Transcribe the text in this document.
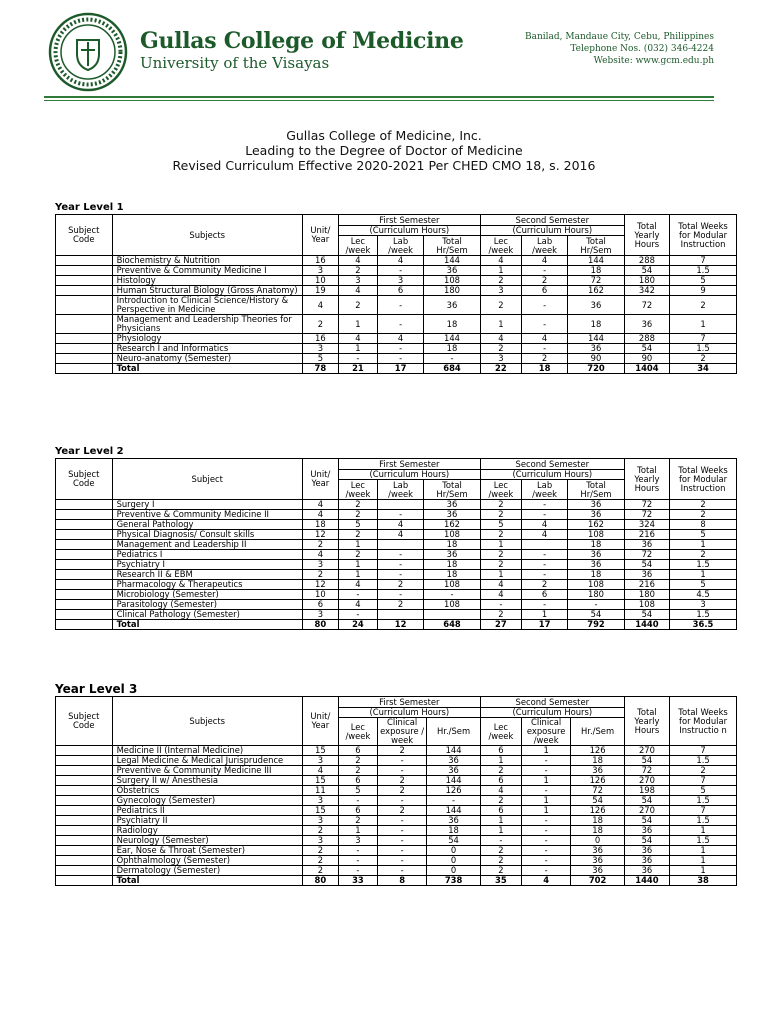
Gullas College of Medicine
University of the Visayas
Banilad, Mandaue City, Cebu, Philippines
Telephone Nos. (032) 346-4224
Website: www.gcm.edu.ph
Gullas College of Medicine, Inc.
Leading to the Degree of Doctor of Medicine
Revised Curriculum Effective 2020-2021 Per CHED CMO 18, s. 2016
Year Level 1
Subject Code	Subjects	Unit/ Year	First Semester			Second Semester			Total Yearly Hours	Total Weeks for Modular Instruction
			(Curriculum Hours)			(Curriculum Hours)				
			Lec /week	Lab /week	Total Hr/Sem	Lec /week	Lab /week	Total Hr/Sem		
	Biochemistry & Nutrition	16	4	4	144	4	4	144	288	7
	Preventive & Community Medicine I	3	2	-	36	1	-	18	54	1.5
	Histology	10	3	3	108	2	2	72	180	5
	Human Structural Biology (Gross Anatomy)	19	4	6	180	3	6	162	342	9
	Introduction to Clinical Science/History & Perspective in Medicine	4	2	-	36	2	-	36	72	2
	Management and Leadership Theories for Physicians	2	1	-	18	1	-	18	36	1
	Physiology	16	4	4	144	4	4	144	288	7
	Research I and Informatics	3	1	-	18	2	-	36	54	1.5
	Neuro-anatomy (Semester)	5	-	-	-	3	2	90	90	2
	Total	78	21	17	684	22	18	720	1404	34
Year Level 2
Subject Code	Subject	Unit/ Year	First Semester			Second Semester			Total Yearly Hours	Total Weeks for Modular Instruction
			(Curriculum Hours)			(Curriculum Hours)				
			Lec /week	Lab /week	Total Hr/Sem	Lec /week	Lab /week	Total Hr/Sem		
	Surgery I	4	2		36	2	-	36	72	2
	Preventive & Community Medicine II	4	2	-	36	2	-	36	72	2
	General Pathology	18	5	4	162	5	4	162	324	8
	Physical Diagnosis/ Consult skills	12	2	4	108	2	4	108	216	5
	Management and Leadership II	2	1		18	1		18	36	1
	Pediatrics I	4	2	-	36	2	-	36	72	2
	Psychiatry I	3	1	-	18	2	-	36	54	1.5
	Research II & EBM	2	1	-	18	1	-	18	36	1
	Pharmacology & Therapeutics	12	4	2	108	4	2	108	216	5
	Microbiology (Semester)	10	-	-	-	4	6	180	180	4.5
	Parasitology (Semester)	6	4	2	108	-	-	-	108	3
	Clinical Pathology (Semester)	3	-			2	1	54	54	1.5
	Total	80	24	12	648	27	17	792	1440	36.5
Year Level 3
Subject Code	Subjects	Unit/ Year	First Semester			Second Semester			Total Yearly Hours	Total Weeks for Modular Instructio n
			(Curriculum Hours)			(Curriculum Hours)				
			Lec /week	Clinical exposure / week	Hr./Sem	Lec /week	Clinical exposure /week	Hr./Sem		
	Medicine II (Internal Medicine)	15	6	2	144	6	1	126	270	7
	Legal Medicine & Medical Jurisprudence	3	2	-	36	1	-	18	54	1.5
	Preventive & Community Medicine III	4	2	-	36	2	-	36	72	2
	Surgery II w/ Anesthesia	15	6	2	144	6	1	126	270	7
	Obstetrics	11	5	2	126	4	-	72	198	5
	Gynecology (Semester)	3	-	-	-	2	1	54	54	1.5
	Pediatrics II	15	6	2	144	6	1	126	270	7
	Psychiatry II	3	2	-	36	1	-	18	54	1.5
	Radiology	2	1	-	18	1	-	18	36	1
	Neurology (Semester)	3	3	-	54	-	-	0	54	1.5
	Ear, Nose & Throat (Semester)	2	-	-	0	2	-	36	36	1
	Ophthalmology (Semester)	2	-	-	0	2	-	36	36	1
	Dermatology (Semester)	2	-	-	0	2	-	36	36	1
	Total	80	33	8	738	35	4	702	1440	38
